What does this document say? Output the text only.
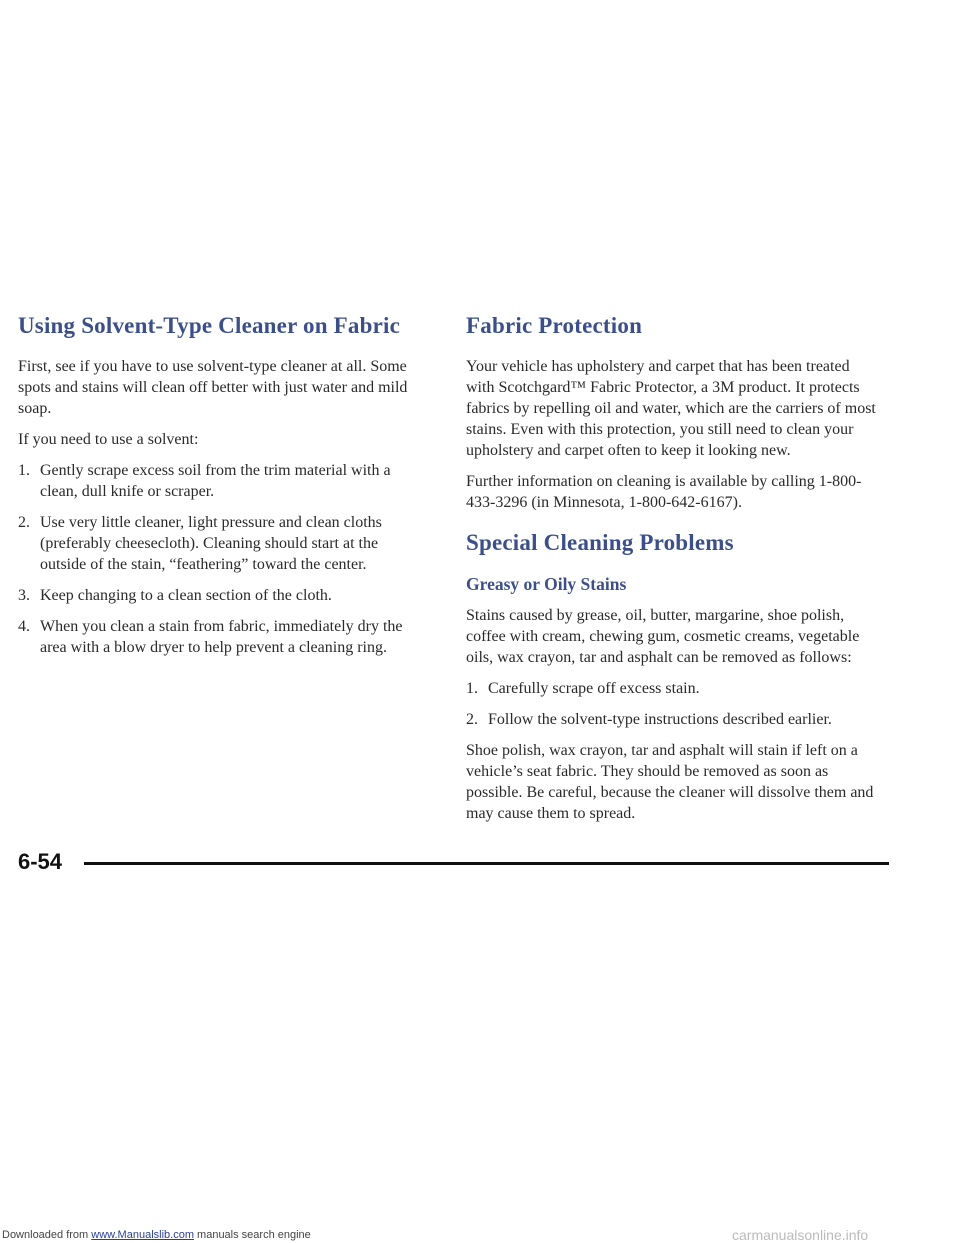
Using Solvent-Type Cleaner on Fabric

First, see if you have to use solvent-type cleaner at all. Some spots and stains will clean off better with just water and mild soap.

If you need to use a solvent:

1. Gently scrape excess soil from the trim material with a clean, dull knife or scraper.
2. Use very little cleaner, light pressure and clean cloths (preferably cheesecloth). Cleaning should start at the outside of the stain, “feathering” toward the center.
3. Keep changing to a clean section of the cloth.
4. When you clean a stain from fabric, immediately dry the area with a blow dryer to help prevent a cleaning ring.
Fabric Protection

Your vehicle has upholstery and carpet that has been treated with Scotchgard™ Fabric Protector, a 3M product. It protects fabrics by repelling oil and water, which are the carriers of most stains. Even with this protection, you still need to clean your upholstery and carpet often to keep it looking new.

Further information on cleaning is available by calling 1-800-433-3296 (in Minnesota, 1-800-642-6167).

Special Cleaning Problems
Greasy or Oily Stains

Stains caused by grease, oil, butter, margarine, shoe polish, coffee with cream, chewing gum, cosmetic creams, vegetable oils, wax crayon, tar and asphalt can be removed as follows:

1. Carefully scrape off excess stain.
2. Follow the solvent-type instructions described earlier.

Shoe polish, wax crayon, tar and asphalt will stain if left on a vehicle’s seat fabric. They should be removed as soon as possible. Be careful, because the cleaner will dissolve them and may cause them to spread.

6-54
Downloaded from www.Manualslib.com manuals search engine	carmanualsonline.info
